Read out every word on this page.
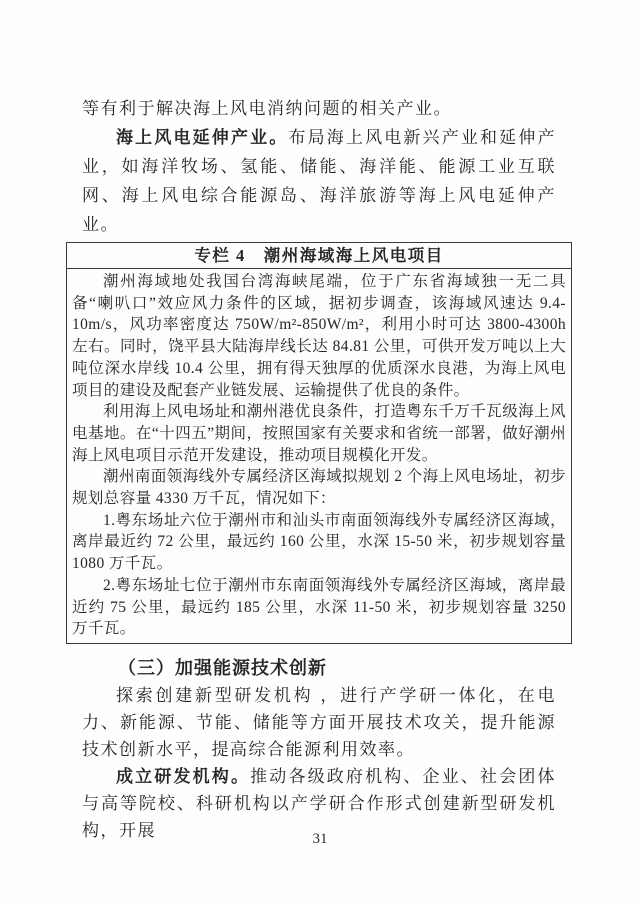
等有利于解决海上风电消纳问题的相关产业。

海上风电延伸产业。布局海上风电新兴产业和延伸产业，如海洋牧场、氢能、储能、海洋能、能源工业互联网、海上风电综合能源岛、海洋旅游等海上风电延伸产业。

专栏 4　潮州海域海上风电项目

潮州海域地处我国台湾海峡尾端，位于广东省海域独一无二具备“喇叭口”效应风力条件的区域，据初步调查，该海域风速达 9.4-10m/s，风功率密度达 750W/m²-850W/m²，利用小时可达 3800-4300h 左右。同时，饶平县大陆海岸线长达 84.81 公里，可供开发万吨以上大吨位深水岸线 10.4 公里，拥有得天独厚的优质深水良港，为海上风电项目的建设及配套产业链发展、运输提供了优良的条件。

利用海上风电场址和潮州港优良条件，打造粤东千万千瓦级海上风电基地。在“十四五”期间，按照国家有关要求和省统一部署，做好潮州海上风电项目示范开发建设，推动项目规模化开发。

潮州南面领海线外专属经济区海域拟规划 2 个海上风电场址，初步规划总容量 4330 万千瓦，情况如下：

1.粤东场址六位于潮州市和汕头市南面领海线外专属经济区海域，离岸最近约 72 公里，最远约 160 公里，水深 15-50 米，初步规划容量 1080 万千瓦。

2.粤东场址七位于潮州市东南面领海线外专属经济区海域，离岸最近约 75 公里，最远约 185 公里，水深 11-50 米，初步规划容量 3250 万千瓦。

（三）加强能源技术创新

探索创建新型研发机构 ，进行产学研一体化，在电力、新能源、节能、储能等方面开展技术攻关，提升能源技术创新水平，提高综合能源利用效率。

成立研发机构。推动各级政府机构、企业、社会团体与高等院校、科研机构以产学研合作形式创建新型研发机构，开展	31
